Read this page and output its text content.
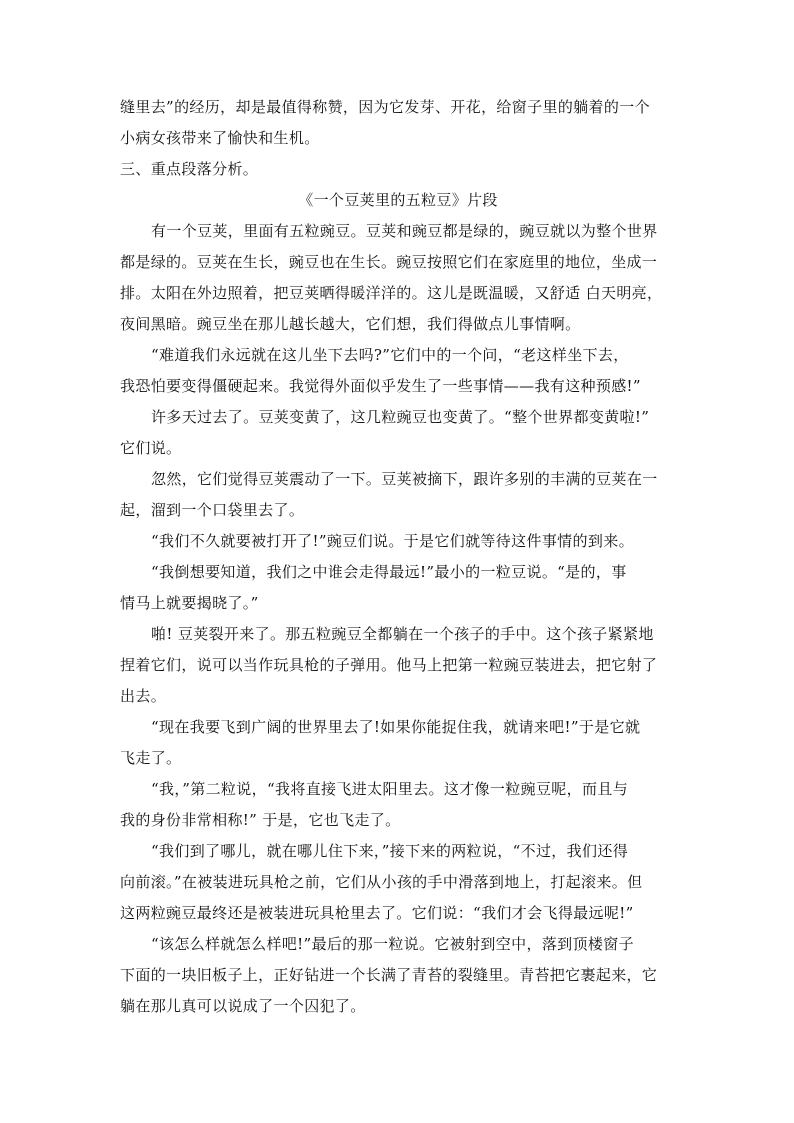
缝里去”的经历，却是最值得称赞，因为它发芽、开花，给窗子里的躺着的一个
小病女孩带来了愉快和生机。
三、重点段落分析。
《一个豆荚里的五粒豆》片段
有一个豆荚，里面有五粒豌豆。豆荚和豌豆都是绿的，豌豆就以为整个世界
都是绿的。豆荚在生长，豌豆也在生长。豌豆按照它们在家庭里的地位，坐成一
排。太阳在外边照着，把豆荚晒得暖洋洋的。这儿是既温暖，又舒适 白天明亮，
夜间黑暗。豌豆坐在那儿越长越大，它们想，我们得做点儿事情啊。
“难道我们永远就在这儿坐下去吗?”它们中的一个问，“老这样坐下去，
我恐怕要变得僵硬起来。我觉得外面似乎发生了一些事情——我有这种预感!”
许多天过去了。豆荚变黄了，这几粒豌豆也变黄了。“整个世界都变黄啦!”
它们说。
忽然，它们觉得豆荚震动了一下。豆荚被摘下，跟许多别的丰满的豆荚在一
起，溜到一个口袋里去了。
“我们不久就要被打开了!”豌豆们说。于是它们就等待这件事情的到来。
“我倒想要知道，我们之中谁会走得最远!”最小的一粒豆说。“是的，事
情马上就要揭晓了。”
啪! 豆荚裂开来了。那五粒豌豆全都躺在一个孩子的手中。这个孩子紧紧地
捏着它们，说可以当作玩具枪的子弹用。他马上把第一粒豌豆装进去，把它射了
出去。
“现在我要飞到广阔的世界里去了!如果你能捉住我，就请来吧!”于是它就
飞走了。
“我，”第二粒说，“我将直接飞进太阳里去。这才像一粒豌豆呢，而且与
我的身份非常相称!” 于是，它也飞走了。
“我们到了哪儿，就在哪儿住下来，”接下来的两粒说，“不过，我们还得
向前滚。”在被装进玩具枪之前，它们从小孩的手中滑落到地上，打起滚来。但
这两粒豌豆最终还是被装进玩具枪里去了。它们说：“我们才会飞得最远呢!”
“该怎么样就怎么样吧!”最后的那一粒说。它被射到空中，落到顶楼窗子
下面的一块旧板子上，正好钻进一个长满了青苔的裂缝里。青苔把它裹起来，它
躺在那儿真可以说成了一个囚犯了。
